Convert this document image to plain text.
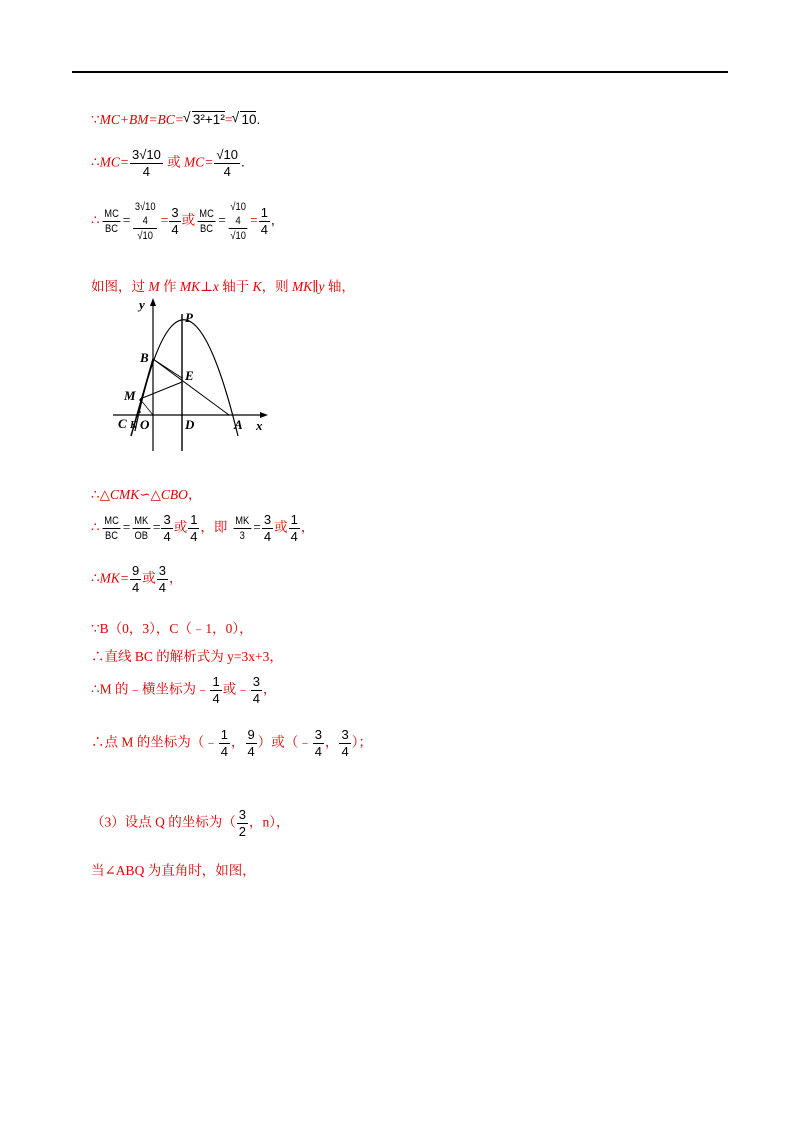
∵MC+BM=BC= √ 3²+1²= √ 10.
∴MC= $\frac{3√10}{4}$ 或 $MC= \frac{√10}{4}$ .
∴ $\frac{MC}{BC}$ =
3√10
4
√10
= $\frac{3}{4}$ 或 $\frac{MC}{BC}$ =
√10
4
√10
= $\frac{1}{4}$ ,
如图，过 M 作 MK⊥x 轴于 K，则 MK∥y 轴，
y
P
B
E
M
C K O	D	A x
∴△CMK∽△CBO，
∴ $\frac{MC}{BC} = \frac{MK}{OB} = \frac{3}{4}$ 或 $\frac{1}{4}$ ，即 $\frac{MK}{3} = \frac{3}{4}$ 或 $\frac{1}{4}$ ，
∴MK= $\frac{9}{4}$ 或 $\frac{3}{4}$ ，
∵B（0，3），C（﹣1，0），
∴直线 BC 的解析式为 y=3x+3，
∴M 的﹣横坐标为﹣ $\frac{1}{4}$ 或﹣ $\frac{3}{4}$ ，
∴点 M 的坐标为（﹣ $\frac{1}{4}$ ， $\frac{9}{4}$ ）或（﹣ $\frac{3}{4}$ ， $\frac{3}{4}$ ）；
（3）设点 Q 的坐标为（ $\frac{3}{2}$ ，n），
当∠ABQ 为直角时，如图，
